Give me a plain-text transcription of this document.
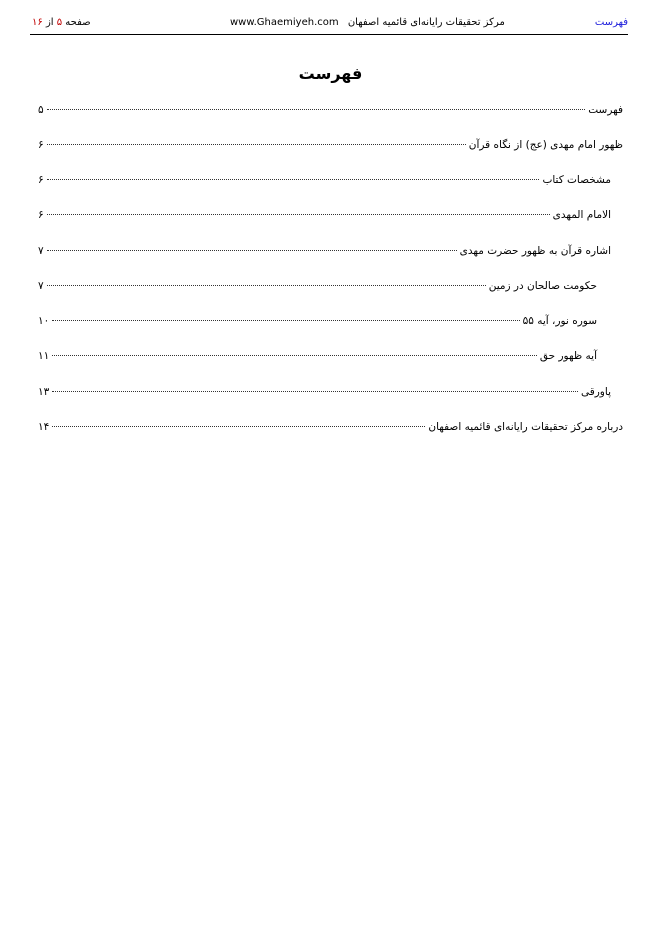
صفحه ۵ از ۱۶	www.Ghaemiyeh.com مرکز تحقیقات رایانه‌ای قائمیه اصفهان	فهرست
فهرست
فهرست
۵
ظهور امام مهدی (عج) از نگاه قرآن
۶
مشخصات کتاب
۶
الامام المهدی
۶
اشاره قرآن به ظهور حضرت مهدی
۷
حکومت صالحان در زمین
۷
سوره نور، آیه ۵۵
۱۰
آیه ظهور حق
۱۱
پاورقی
۱۳
درباره مرکز تحقیقات رایانه‌ای قائمیه اصفهان
۱۴
